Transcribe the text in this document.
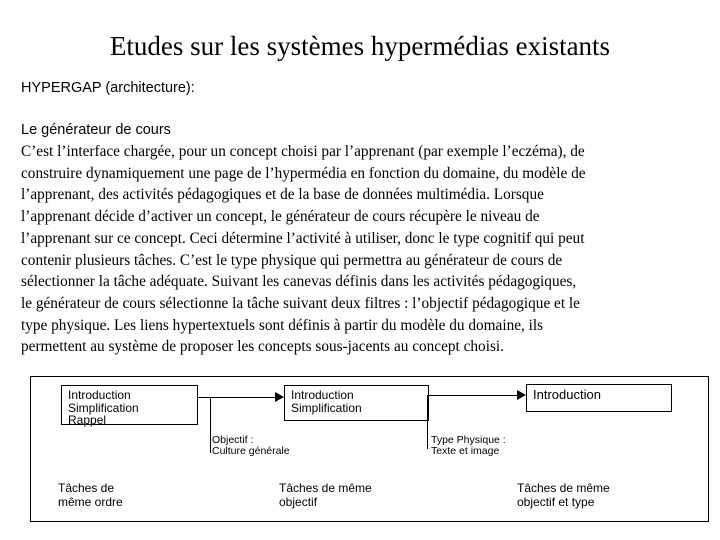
Etudes sur les systèmes hypermédias existants
HYPERGAP (architecture):
Le générateur de cours
C’est l’interface chargée, pour un concept choisi par l’apprenant (par exemple l’eczéma), de
construire dynamiquement une page de l’hypermédia en fonction du domaine, du modèle de
l’apprenant, des activités pédagogiques et de la base de données multimédia. Lorsque
l’apprenant décide d’activer un concept, le générateur de cours récupère le niveau de
l’apprenant sur ce concept. Ceci détermine l’activité à utiliser, donc le type cognitif qui peut
contenir plusieurs tâches. C’est le type physique qui permettra au générateur de cours de
sélectionner la tâche adéquate. Suivant les canevas définis dans les activités pédagogiques,
le générateur de cours sélectionne la tâche suivant deux filtres : l’objectif pédagogique et le
type physique. Les liens hypertextuels sont définis à partir du modèle du domaine, ils
permettent au système de proposer les concepts sous-jacents au concept choisi.
Introduction
Simplification
Rappel
Introduction
Simplification
Introduction
Objectif :
Culture générale
Type Physique :
Texte et image
Tâches de
même ordre
Tâches de même
objectif
Tâches de même
objectif et type
